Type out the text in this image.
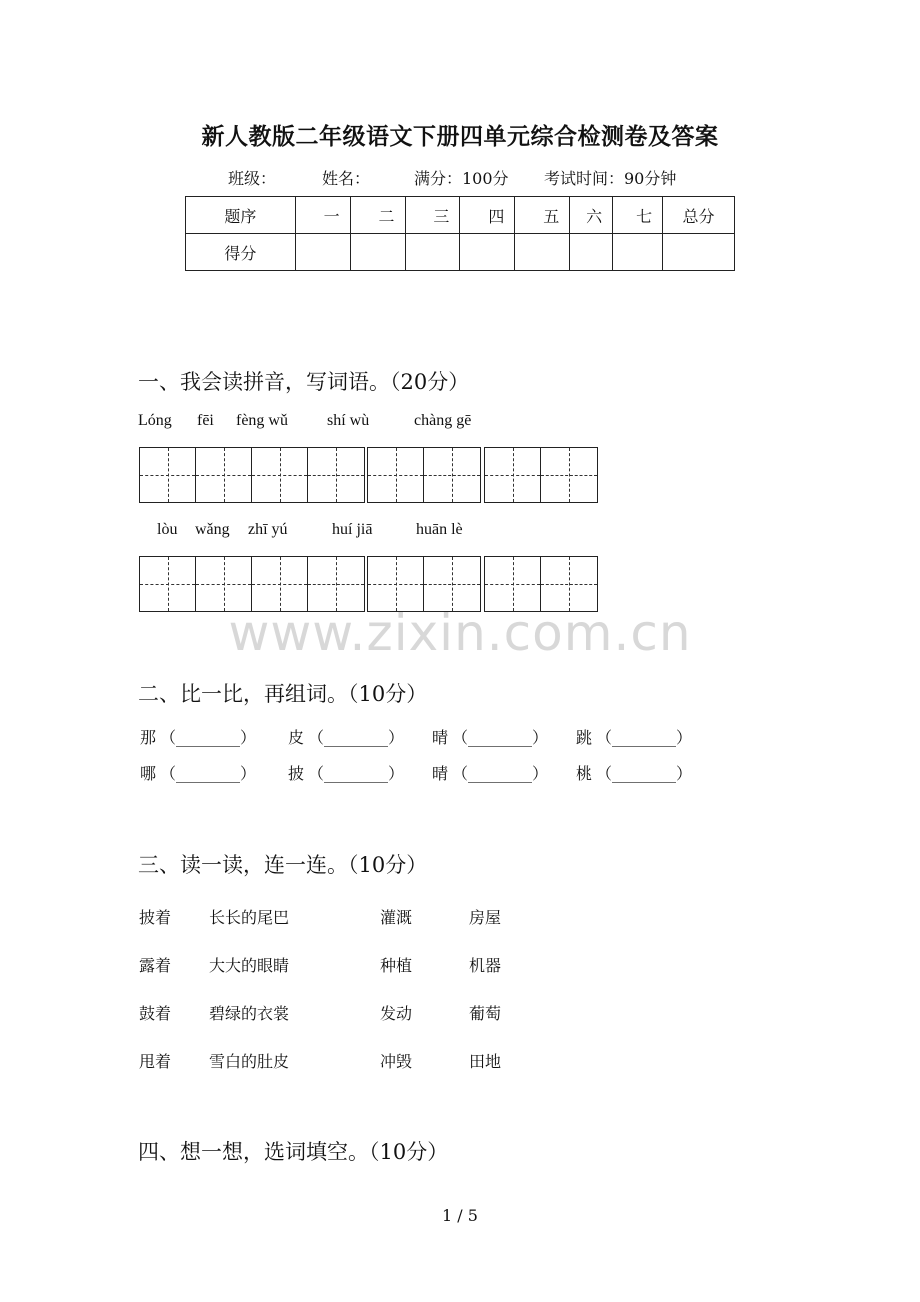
新人教版二年级语文下册四单元综合检测卷及答案
班级：	姓名：	满分：100分 考试时间：90分钟
题序	一	二	三	四	五	六	七	总分
得分								
一、我会读拼音，写词语。（20分）
Lóng fēi fèng wǔ shí wù	chàng gē
lòu wǎng zhī yú	huí jiā	huān lè
www.zixin.com.cn
二、比一比，再组词。（10分）
那 （________） 皮 （________） 晴 （________） 跳 （________）
哪 （________） 披 （________） 晴 （________） 桃 （________）
三、读一读，连一连。（10分）
披着 长长的尾巴	灌溉	房屋
露着 大大的眼睛	种植	机器
鼓着 碧绿的衣裳	发动	葡萄
甩着 雪白的肚皮	冲毁	田地
四、想一想，选词填空。（10分）
1 / 5
